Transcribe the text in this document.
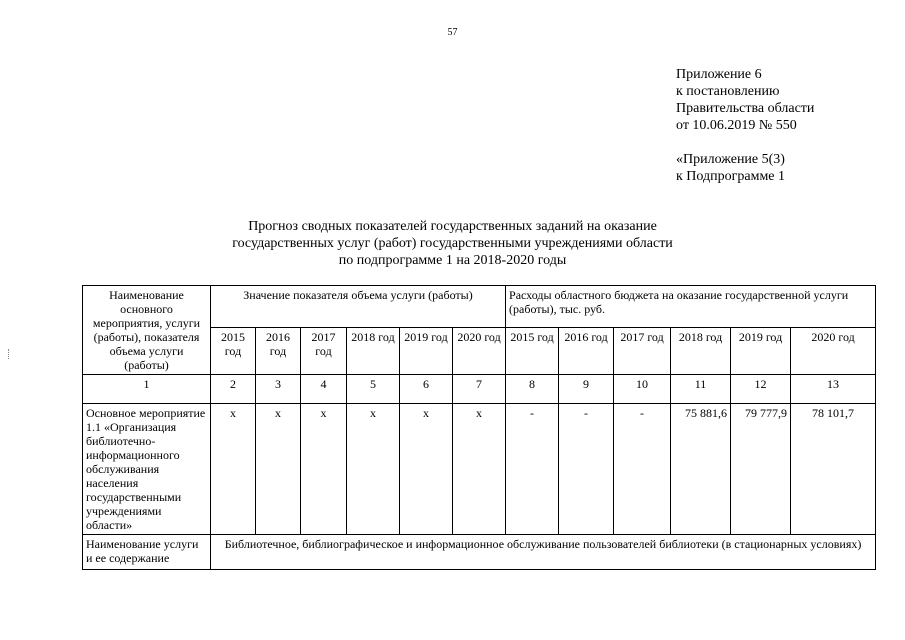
57
Приложение 6
к постановлению
Правительства области
от 10.06.2019 № 550
«Приложение 5(3)
к Подпрограмме 1
Прогноз сводных показателей государственных заданий на оказание
государственных услуг (работ) государственными учреждениями области
по подпрограмме 1 на 2018-2020 годы
Наименование основного мероприятия, услуги (работы), показателя объема услуги (работы)	Значение показателя объема услуги (работы)						Расходы областного бюджета на оказание государственной услуги (работы), тыс. руб.					
	2015 год	2016 год	2017 год	2018 год	2019 год	2020 год	2015 год	2016 год	2017 год	2018 год	2019 год	2020 год
1	2	3	4	5	6	7	8	9	10	11	12	13
Основное мероприятие 1.1 «Организация библиотечно-информационного обслуживания населения государственными учреждениями области»	х	х	х	х	х	х	-	-	-	75 881,6	79 777,9	78 101,7
Наименование услуги и ее содержание	Библиотечное, библиографическое и информационное обслуживание пользователей библиотеки (в стационарных условиях)											
